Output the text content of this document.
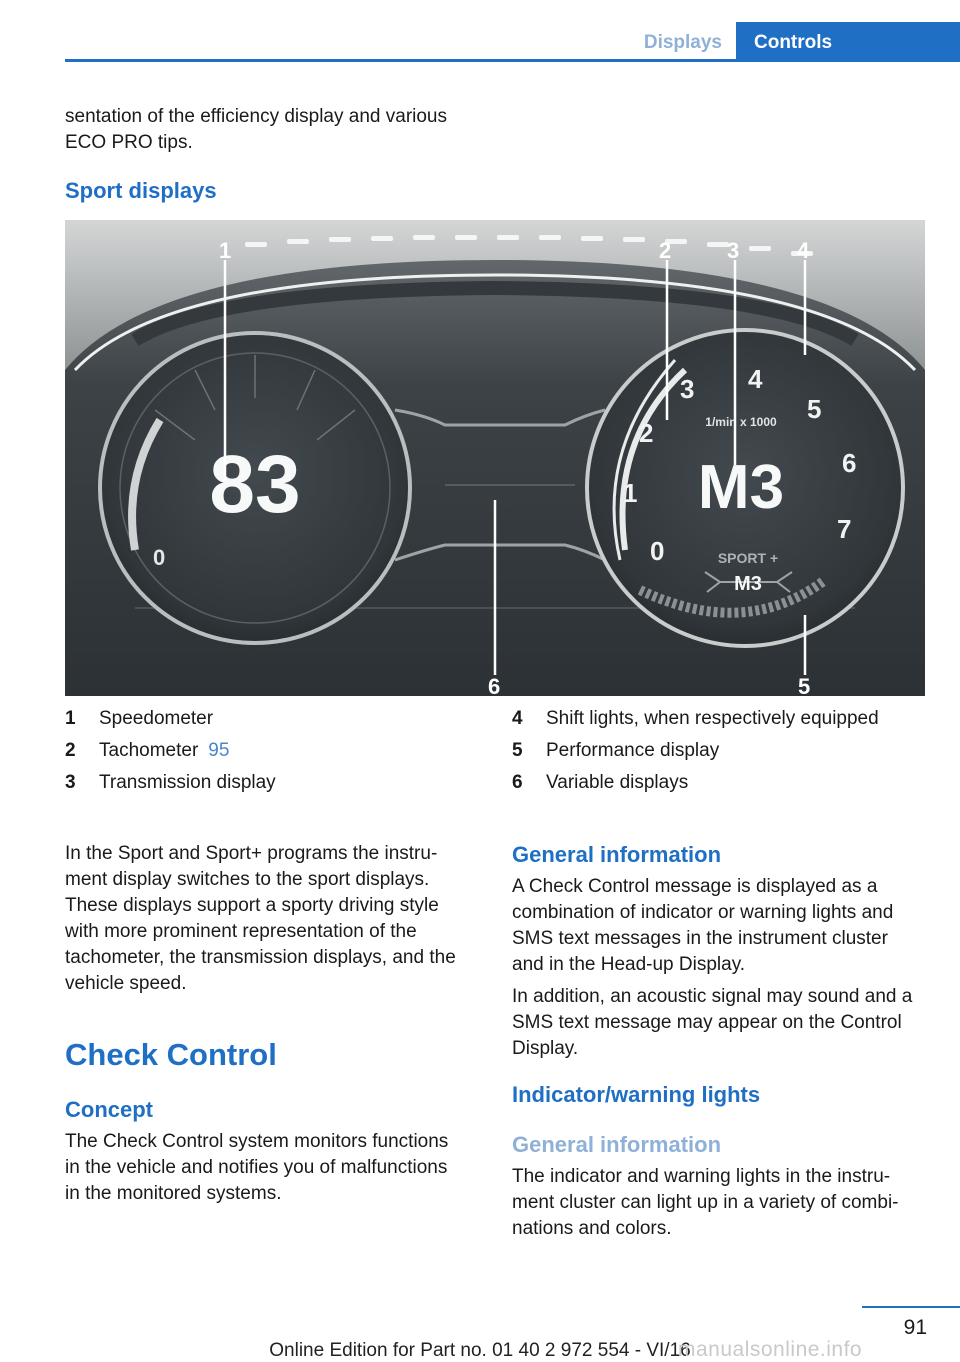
Displays	Controls
sentation of the efficiency display and various
ECO PRO tips.
Sport displays
0
83
0
1
2
3 4
5
6
7
1/min x 1000
M3
SPORT +
M3
1	2	3	4
6	5
1 Speedometer
2 Tachometer 95
3 Transmission display
4 Shift lights, when respectively equipped
5 Performance display
6 Variable displays
In the Sport and Sport+ programs the instru-
ment display switches to the sport displays.
These displays support a sporty driving style
with more prominent representation of the
tachometer, the transmission displays, and the
vehicle speed.
Check Control
Concept
The Check Control system monitors functions
in the vehicle and notifies you of malfunctions
in the monitored systems.
General information
A Check Control message is displayed as a
combination of indicator or warning lights and
SMS text messages in the instrument cluster
and in the Head-up Display.
In addition, an acoustic signal may sound and a
SMS text message may appear on the Control
Display.
Indicator/warning lights
General information
The indicator and warning lights in the instru-
ment cluster can light up in a variety of combi-
nations and colors.
91
Online Edition for Part no. 01 40 2 972 554 - VI/16
manualsonline.info
